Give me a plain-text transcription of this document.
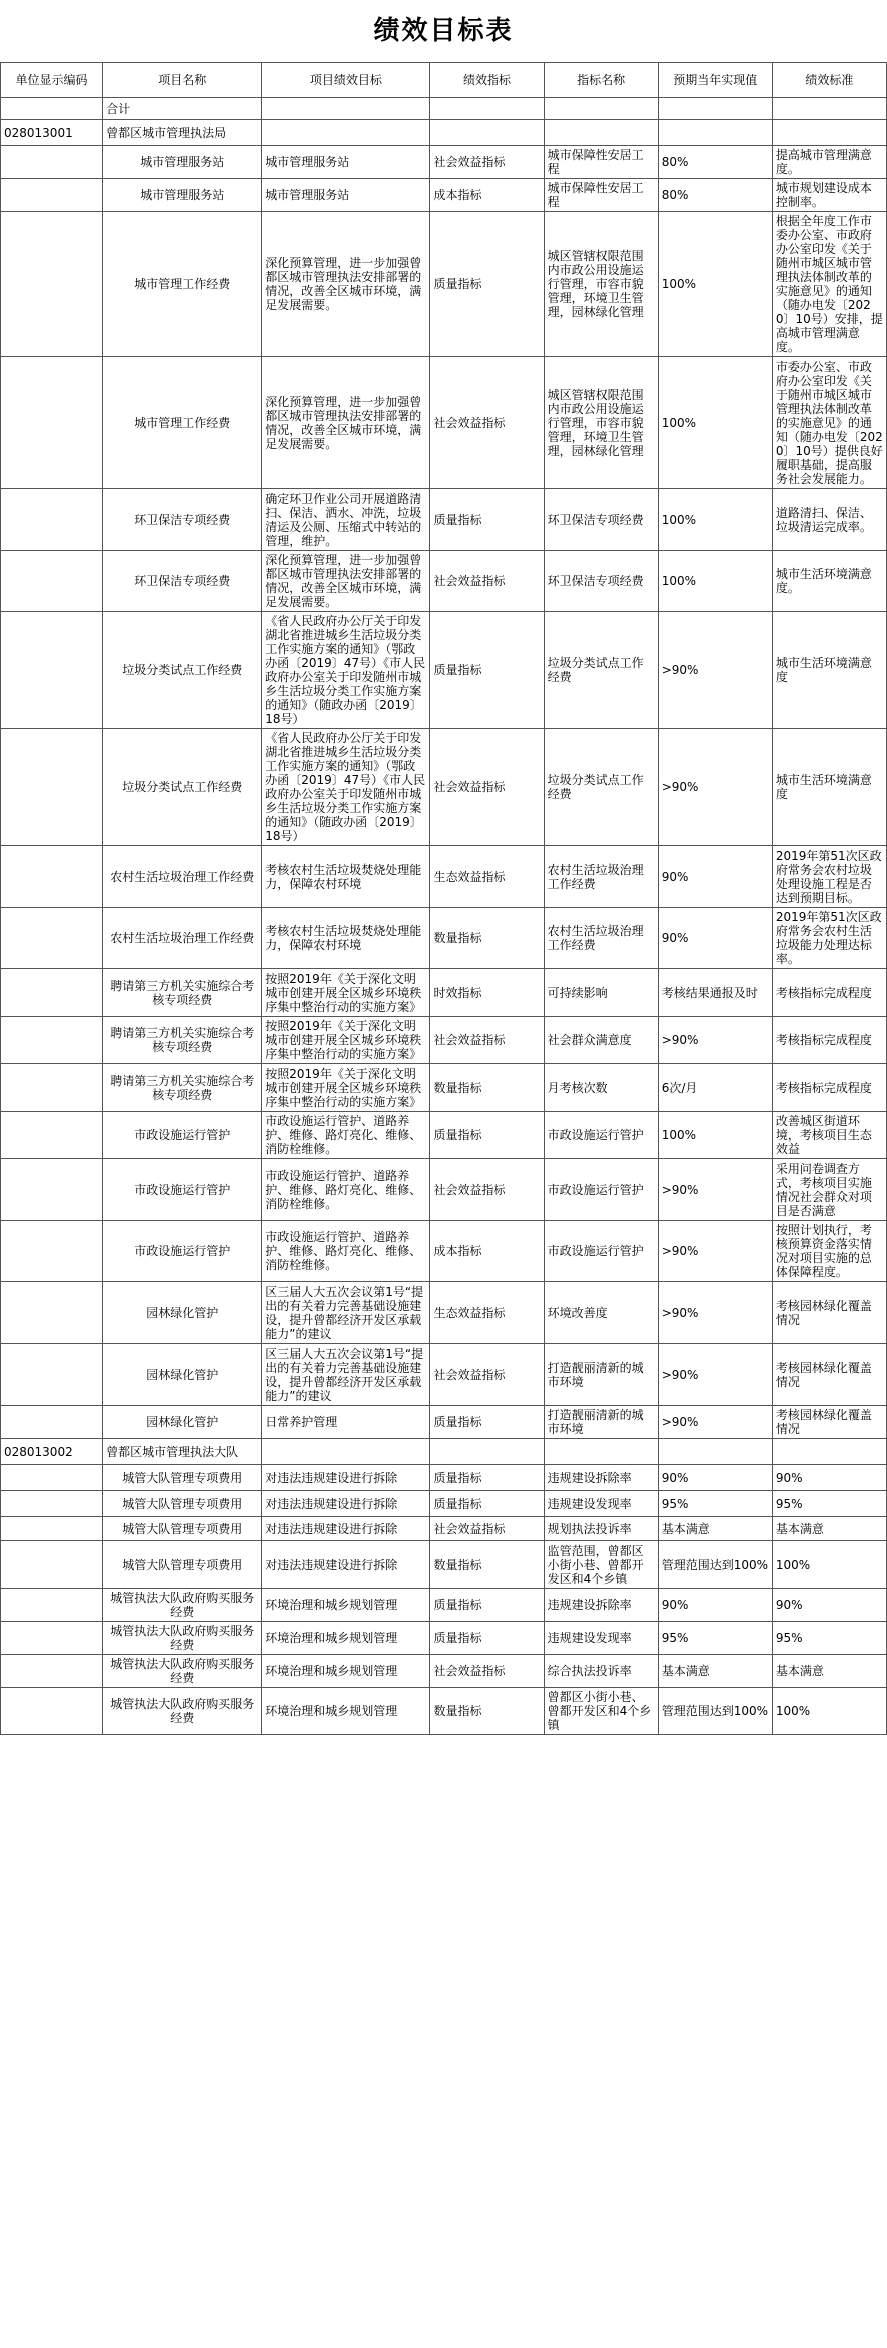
绩效目标表
单位显示编码	项目名称	项目绩效目标	绩效指标	指标名称	预期当年实现值	绩效标准
	合计					
028013001	曾都区城市管理执法局					
	城市管理服务站	城市管理服务站	社会效益指标	城市保障性安居工程	80%	提高城市管理满意度。
	城市管理服务站	城市管理服务站	成本指标	城市保障性安居工程	80%	城市规划建设成本控制率。
	城市管理工作经费	深化预算管理，进一步加强曾都区城市管理执法安排部署的情况，改善全区城市环境，满足发展需要。	质量指标	城区管辖权限范围内市政公用设施运行管理，市容市貌管理，环境卫生管理，园林绿化管理	100%	根据全年度工作市委办公室、市政府办公室印发《关于随州市城区城市管理执法体制改革的实施意见》的通知（随办电发〔2020〕10号）安排，提高城市管理满意度。
	城市管理工作经费	深化预算管理，进一步加强曾都区城市管理执法安排部署的情况，改善全区城市环境，满足发展需要。	社会效益指标	城区管辖权限范围内市政公用设施运行管理，市容市貌管理，环境卫生管理，园林绿化管理	100%	市委办公室、市政府办公室印发《关于随州市城区城市管理执法体制改革的实施意见》的通知（随办电发〔2020〕10号）提供良好履职基础，提高服务社会发展能力。
	环卫保洁专项经费	确定环卫作业公司开展道路清扫、保洁、洒水、冲洗，垃圾清运及公厕、压缩式中转站的管理，维护。	质量指标	环卫保洁专项经费	100%	道路清扫、保洁、垃圾清运完成率。
	环卫保洁专项经费	深化预算管理，进一步加强曾都区城市管理执法安排部署的情况，改善全区城市环境，满足发展需要。	社会效益指标	环卫保洁专项经费	100%	城市生活环境满意度。
	垃圾分类试点工作经费	《省人民政府办公厅关于印发湖北省推进城乡生活垃圾分类工作实施方案的通知》（鄂政办函〔2019〕47号）《市人民政府办公室关于印发随州市城乡生活垃圾分类工作实施方案的通知》（随政办函〔2019〕18号）	质量指标	垃圾分类试点工作经费	>90%	城市生活环境满意度
	垃圾分类试点工作经费	《省人民政府办公厅关于印发湖北省推进城乡生活垃圾分类工作实施方案的通知》（鄂政办函〔2019〕47号）《市人民政府办公室关于印发随州市城乡生活垃圾分类工作实施方案的通知》（随政办函〔2019〕18号）	社会效益指标	垃圾分类试点工作经费	>90%	城市生活环境满意度
	农村生活垃圾治理工作经费	考核农村生活垃圾焚烧处理能力，保障农村环境	生态效益指标	农村生活垃圾治理工作经费	90%	2019年第51次区政府常务会农村垃圾处理设施工程是否达到预期目标。
	农村生活垃圾治理工作经费	考核农村生活垃圾焚烧处理能力，保障农村环境	数量指标	农村生活垃圾治理工作经费	90%	2019年第51次区政府常务会农村生活垃圾能力处理达标率。
	聘请第三方机关实施综合考核专项经费	按照2019年《关于深化文明城市创建开展全区城乡环境秩序集中整治行动的实施方案》	时效指标	可持续影响	考核结果通报及时	考核指标完成程度
	聘请第三方机关实施综合考核专项经费	按照2019年《关于深化文明城市创建开展全区城乡环境秩序集中整治行动的实施方案》	社会效益指标	社会群众满意度	>90%	考核指标完成程度
	聘请第三方机关实施综合考核专项经费	按照2019年《关于深化文明城市创建开展全区城乡环境秩序集中整治行动的实施方案》	数量指标	月考核次数	6次/月	考核指标完成程度
	市政设施运行管护	市政设施运行管护、道路养护、维修、路灯亮化、维修、消防栓维修。	质量指标	市政设施运行管护	100%	改善城区街道环境，考核项目生态效益
	市政设施运行管护	市政设施运行管护、道路养护、维修、路灯亮化、维修、消防栓维修。	社会效益指标	市政设施运行管护	>90%	采用问卷调查方式，考核项目实施情况社会群众对项目是否满意
	市政设施运行管护	市政设施运行管护、道路养护、维修、路灯亮化、维修、消防栓维修。	成本指标	市政设施运行管护	>90%	按照计划执行，考核预算资金落实情况对项目实施的总体保障程度。
	园林绿化管护	区三届人大五次会议第1号“提出的有关着力完善基础设施建设，提升曾都经济开发区承载能力”的建议	生态效益指标	环境改善度	>90%	考核园林绿化覆盖情况
	园林绿化管护	区三届人大五次会议第1号“提出的有关着力完善基础设施建设，提升曾都经济开发区承载能力”的建议	社会效益指标	打造靓丽清新的城市环境	>90%	考核园林绿化覆盖情况
	园林绿化管护	日常养护管理	质量指标	打造靓丽清新的城市环境	>90%	考核园林绿化覆盖情况
028013002	曾都区城市管理执法大队					
	城管大队管理专项费用	对违法违规建设进行拆除	质量指标	违规建设拆除率	90%	90%
	城管大队管理专项费用	对违法违规建设进行拆除	质量指标	违规建设发现率	95%	95%
	城管大队管理专项费用	对违法违规建设进行拆除	社会效益指标	规划执法投诉率	基本满意	基本满意
	城管大队管理专项费用	对违法违规建设进行拆除	数量指标	监管范围，曾都区小街小巷、曾都开发区和4个乡镇	管理范围达到100%	100%
	城管执法大队政府购买服务经费	环境治理和城乡规划管理	质量指标	违规建设拆除率	90%	90%
	城管执法大队政府购买服务经费	环境治理和城乡规划管理	质量指标	违规建设发现率	95%	95%
	城管执法大队政府购买服务经费	环境治理和城乡规划管理	社会效益指标	综合执法投诉率	基本满意	基本满意
	城管执法大队政府购买服务经费	环境治理和城乡规划管理	数量指标	曾都区小街小巷、曾都开发区和4个乡镇	管理范围达到100%	100%
